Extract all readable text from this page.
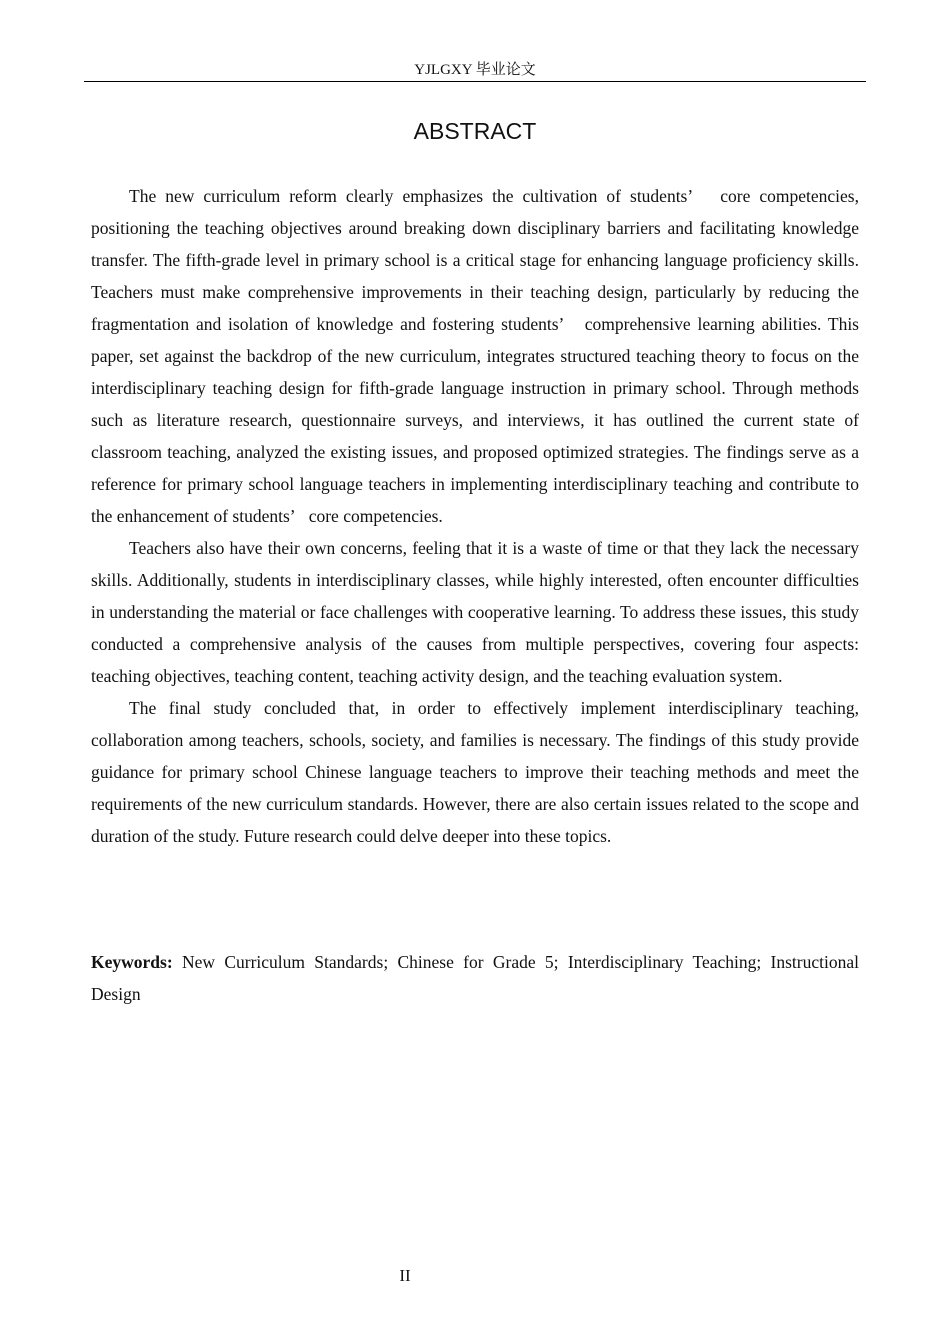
YJLGXY 毕业论文
ABSTRACT

The new curriculum reform clearly emphasizes the cultivation of students’   core competencies, positioning the teaching objectives around breaking down disciplinary barriers and facilitating knowledge transfer. The fifth-grade level in primary school is a critical stage for enhancing language proficiency skills. Teachers must make comprehensive improvements in their teaching design, particularly by reducing the fragmentation and isolation of knowledge and fostering students’   comprehensive learning abilities. This paper, set against the backdrop of the new curriculum, integrates structured teaching theory to focus on the interdisciplinary teaching design for fifth-grade language instruction in primary school. Through methods such as literature research, questionnaire surveys, and interviews, it has outlined the current state of classroom teaching, analyzed the existing issues, and proposed optimized strategies. The findings serve as a reference for primary school language teachers in implementing interdisciplinary teaching and contribute to the enhancement of students’   core competencies.

Teachers also have their own concerns, feeling that it is a waste of time or that they lack the necessary skills. Additionally, students in interdisciplinary classes, while highly interested, often encounter difficulties in understanding the material or face challenges with cooperative learning. To address these issues, this study conducted a comprehensive analysis of the causes from multiple perspectives, covering four aspects: teaching objectives, teaching content, teaching activity design, and the teaching evaluation system.

The final study concluded that, in order to effectively implement interdisciplinary teaching, collaboration among teachers, schools, society, and families is necessary. The findings of this study provide guidance for primary school Chinese language teachers to improve their teaching methods and meet the requirements of the new curriculum standards. However, there are also certain issues related to the scope and duration of the study. Future research could delve deeper into these topics.

Keywords: New Curriculum Standards; Chinese for Grade 5; Interdisciplinary Teaching; Instructional Design

II
